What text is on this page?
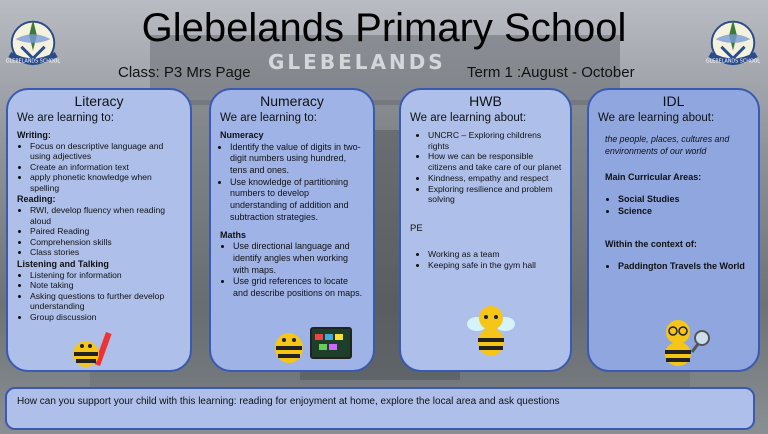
GLEBELANDS
GLEBELANDS SCHOOL	GLEBELANDS SCHOOL
Glebelands Primary School
Class: P3 Mrs Page	Term 1 :August - October
Literacy
We are learning to:
Writing:
• Focus on descriptive language and using adjectives
• Create an information text
• apply phonetic knowledge when spelling
Reading:
• RWI, develop fluency when reading aloud
• Paired Reading
• Comprehension skills
• Class stories
Listening and Talking
• Listening for information
• Note taking
• Asking questions to further develop understanding
• Group discussion
Numeracy
We are learning to:
Numeracy
• Identify the value of digits in two-digit numbers using hundred, tens and ones.
• Use knowledge of partitioning numbers to develop understanding of addition and subtraction strategies.
Maths
• Use directional language and identify angles when working with maps.
• Use grid references to locate and describe positions on maps.
HWB
We are learning about:
• UNCRC – Exploring childrens rights
• How we can be responsible citizens and take care of our planet
• Kindness, empathy and respect
• Exploring resilience and problem solving
PE
• Working as a team
• Keeping safe in the gym hall
IDL
We are learning about:
the people, places, cultures and environments of our world
Main Curricular Areas:
• Social Studies
• Science
Within the context of:
• Paddington Travels the World
How can you support your child with this learning: reading for enjoyment at home, explore the local area and ask questions
